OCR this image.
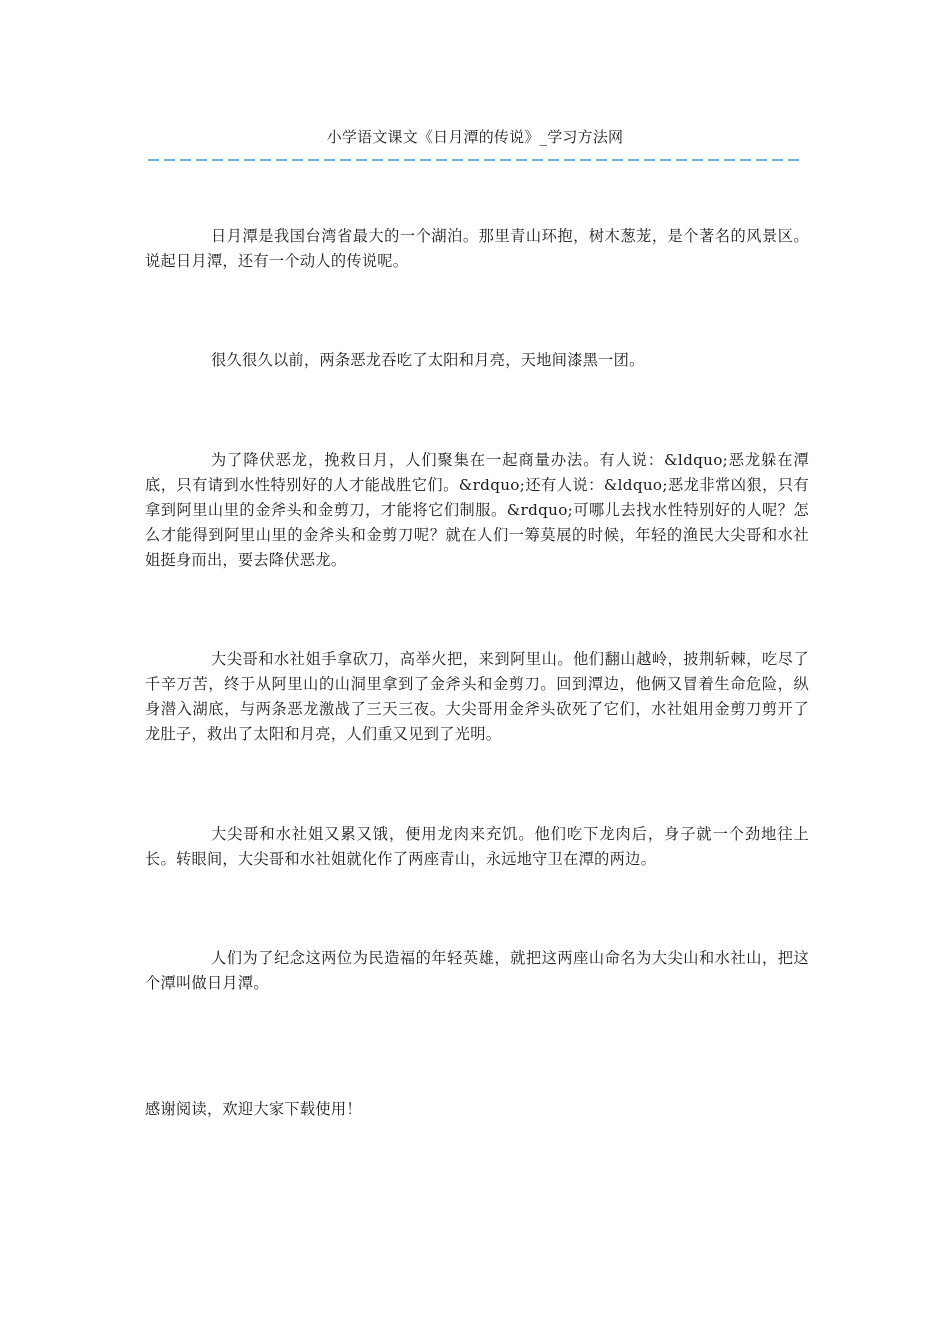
小学语文课文《日月潭的传说》_学习方法网

日月潭是我国台湾省最大的一个湖泊。那里青山环抱，树木葱茏，是个著名的风景区。说起日月潭，还有一个动人的传说呢。

很久很久以前，两条恶龙吞吃了太阳和月亮，天地间漆黑一团。

为了降伏恶龙，挽救日月，人们聚集在一起商量办法。有人说：&ldquo;恶龙躲在潭底，只有请到水性特别好的人才能战胜它们。&rdquo;还有人说：&ldquo;恶龙非常凶狠，只有拿到阿里山里的金斧头和金剪刀，才能将它们制服。&rdquo;可哪儿去找水性特别好的人呢？怎么才能得到阿里山里的金斧头和金剪刀呢？就在人们一筹莫展的时候，年轻的渔民大尖哥和水社姐挺身而出，要去降伏恶龙。

大尖哥和水社姐手拿砍刀，高举火把，来到阿里山。他们翻山越岭，披荆斩棘，吃尽了千辛万苦，终于从阿里山的山洞里拿到了金斧头和金剪刀。回到潭边，他俩又冒着生命危险，纵身潜入湖底，与两条恶龙激战了三天三夜。大尖哥用金斧头砍死了它们，水社姐用金剪刀剪开了龙肚子，救出了太阳和月亮，人们重又见到了光明。

大尖哥和水社姐又累又饿，便用龙肉来充饥。他们吃下龙肉后，身子就一个劲地往上长。转眼间，大尖哥和水社姐就化作了两座青山，永远地守卫在潭的两边。

人们为了纪念这两位为民造福的年轻英雄，就把这两座山命名为大尖山和水社山，把这个潭叫做日月潭。

感谢阅读，欢迎大家下载使用！
